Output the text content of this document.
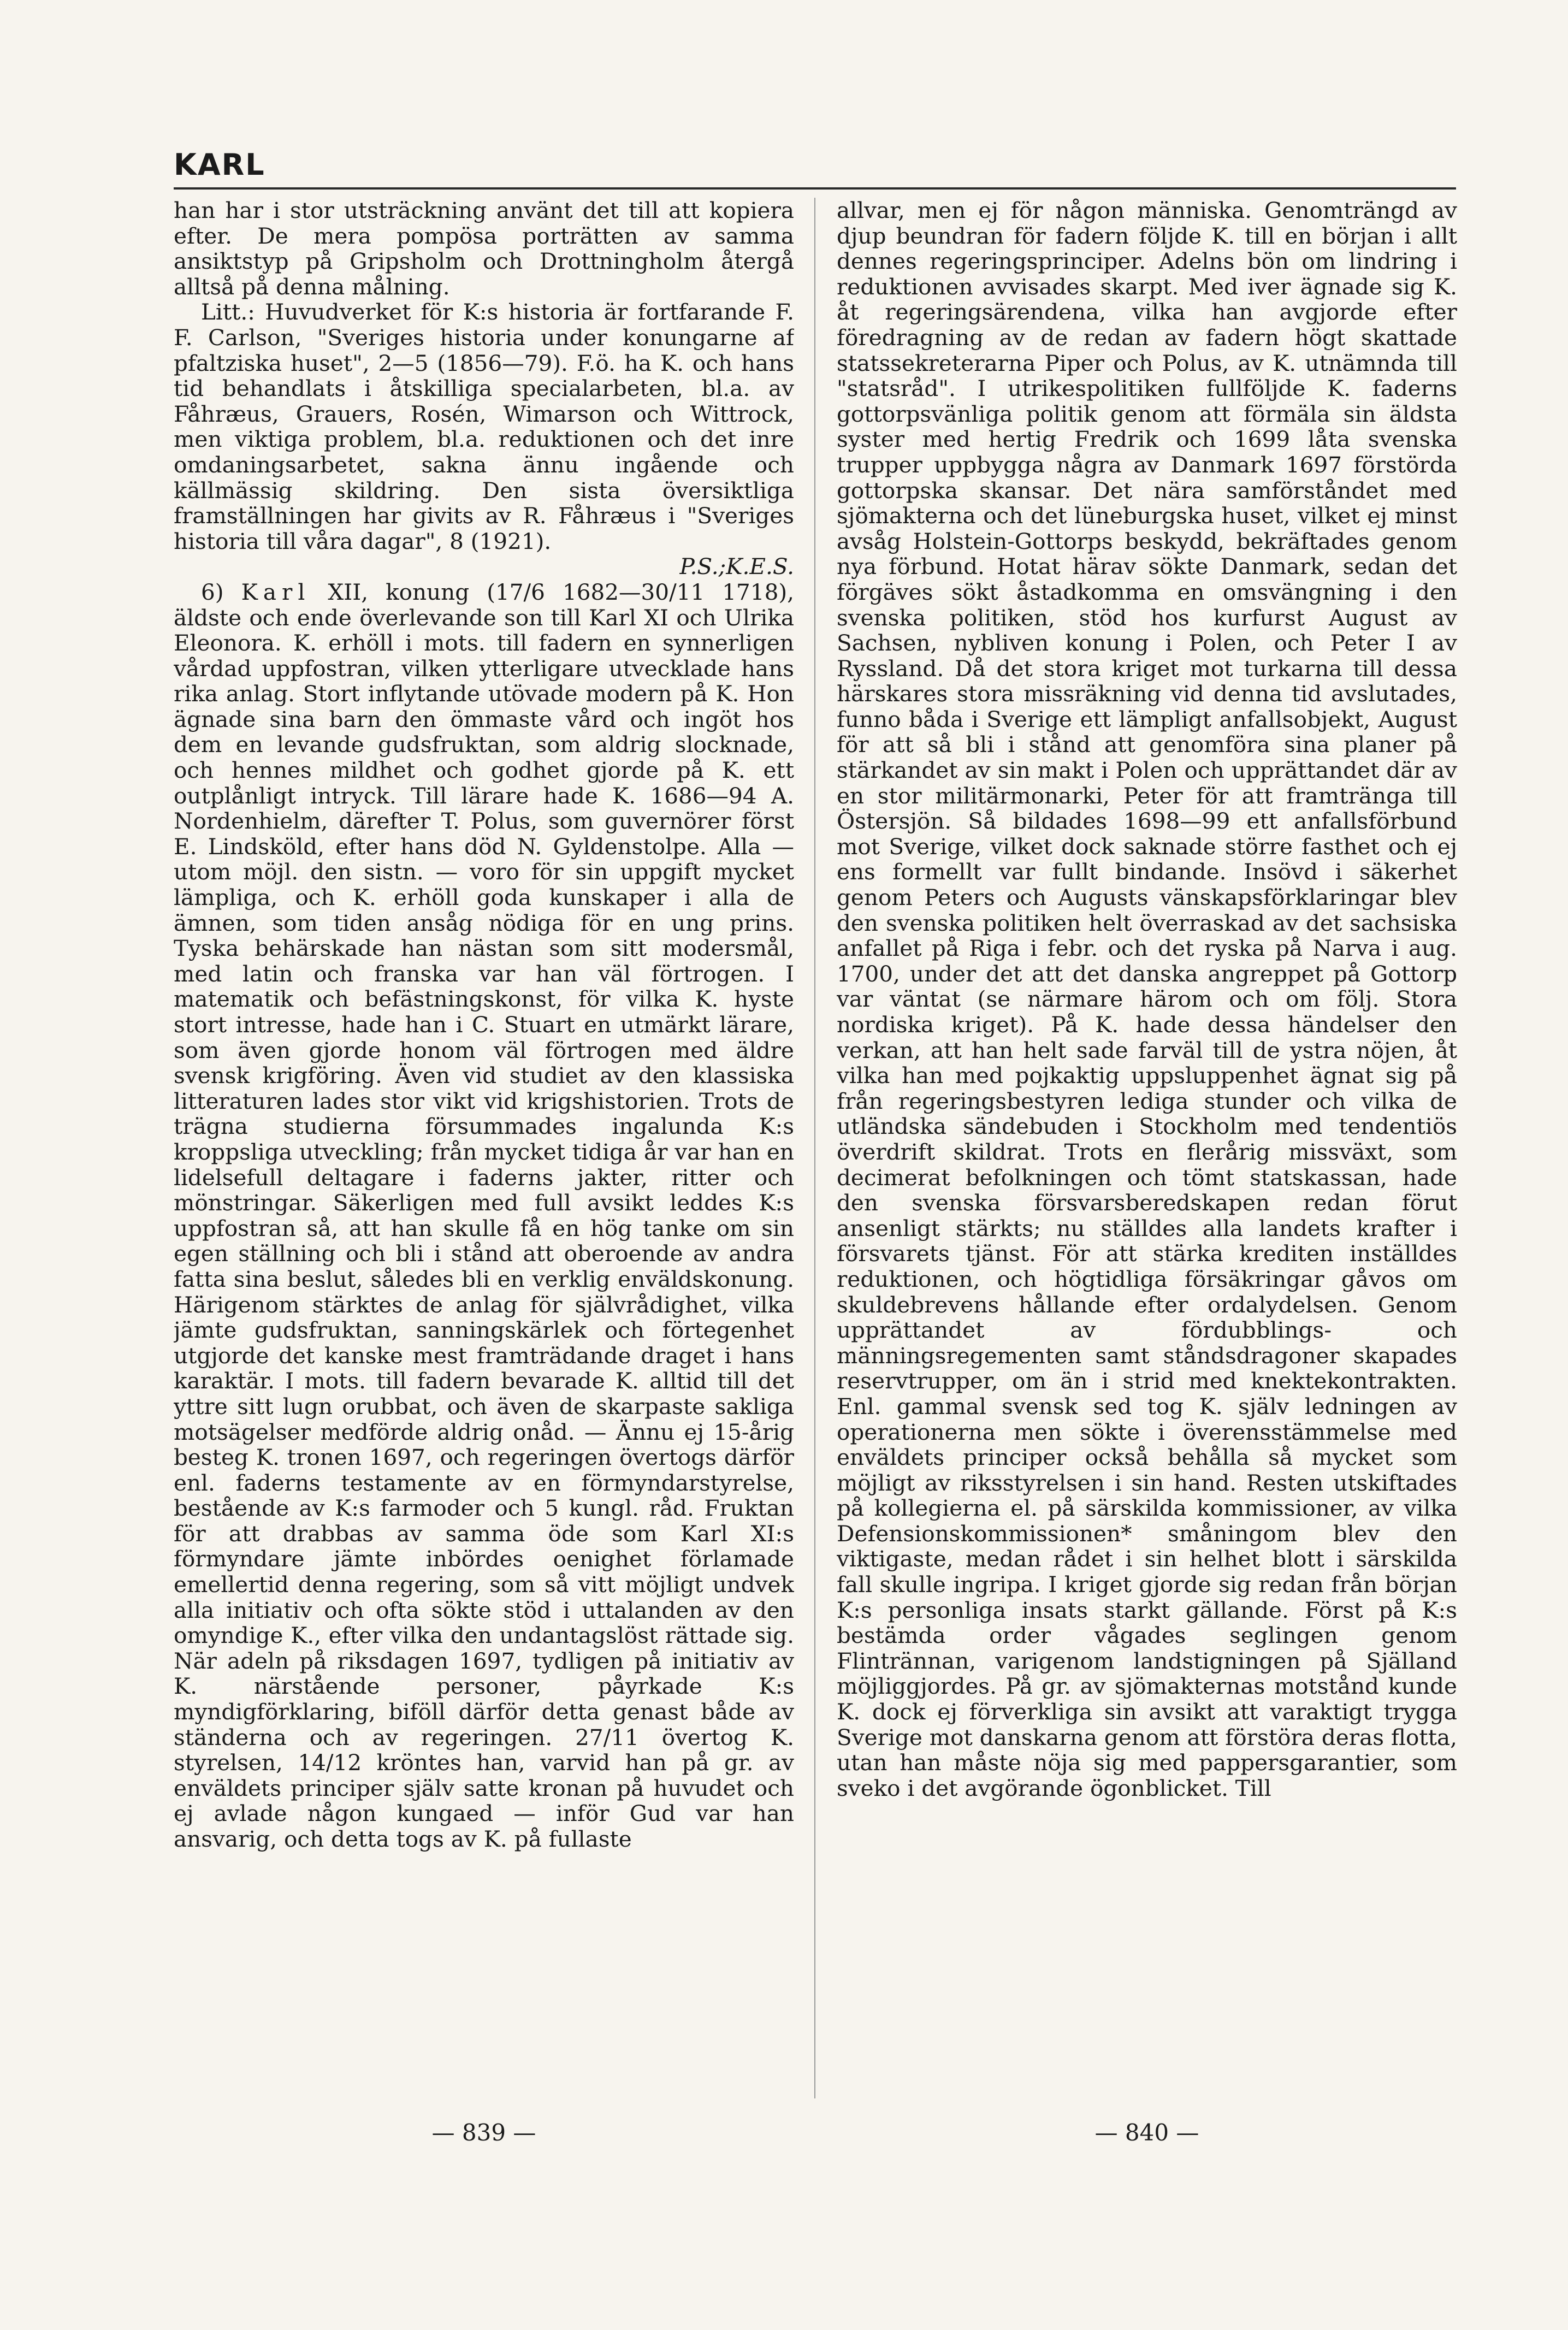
KARL

han har i stor utsträckning använt det till att kopiera efter. De mera pompösa porträtten av samma ansiktstyp på Gripsholm och Drottningholm återgå alltså på denna målning.

Litt.: Huvudverket för K:s historia är fortfarande F. F. Carlson, "Sveriges historia under konungarne af pfaltziska huset", 2—5 (1856—79). F.ö. ha K. och hans tid behandlats i åtskilliga specialarbeten, bl.a. av Fåhræus, Grauers, Rosén, Wimarson och Wittrock, men viktiga problem, bl.a. reduktionen och det inre omdaningsarbetet, sakna ännu ingående och källmässig skildring. Den sista översiktliga framställningen har givits av R. Fåhræus i "Sveriges historia till våra dagar", 8 (1921).
P.S.;K.E.S.

6) Karl XII, konung (17/6 1682—30/11 1718), äldste och ende överlevande son till Karl XI och Ulrika Eleonora. K. erhöll i mots. till fadern en synnerligen vårdad uppfostran, vilken ytterligare utvecklade hans rika anlag. Stort inflytande utövade modern på K. Hon ägnade sina barn den ömmaste vård och ingöt hos dem en levande gudsfruktan, som aldrig slocknade, och hennes mildhet och godhet gjorde på K. ett outplånligt intryck. Till lärare hade K. 1686—94 A. Nordenhielm, därefter T. Polus, som guvernörer först E. Lindsköld, efter hans död N. Gyldenstolpe. Alla — utom möjl. den sistn. — voro för sin uppgift mycket lämpliga, och K. erhöll goda kunskaper i alla de ämnen, som tiden ansåg nödiga för en ung prins. Tyska behärskade han nästan som sitt modersmål, med latin och franska var han väl förtrogen. I matematik och befästningskonst, för vilka K. hyste stort intresse, hade han i C. Stuart en utmärkt lärare, som även gjorde honom väl förtrogen med äldre svensk krigföring. Även vid studiet av den klassiska litteraturen lades stor vikt vid krigshistorien. Trots de trägna studierna försummades ingalunda K:s kroppsliga utveckling; från mycket tidiga år var han en lidelsefull deltagare i faderns jakter, ritter och mönstringar. Säkerligen med full avsikt leddes K:s uppfostran så, att han skulle få en hög tanke om sin egen ställning och bli i stånd att oberoende av andra fatta sina beslut, således bli en verklig enväldskonung. Härigenom stärktes de anlag för självrådighet, vilka jämte gudsfruktan, sanningskärlek och förtegenhet utgjorde det kanske mest framträdande draget i hans karaktär. I mots. till fadern bevarade K. alltid till det yttre sitt lugn orubbat, och även de skarpaste sakliga motsägelser medförde aldrig onåd. — Ännu ej 15-årig besteg K. tronen 1697, och regeringen övertogs därför enl. faderns testamente av en förmyndarstyrelse, bestående av K:s farmoder och 5 kungl. råd. Fruktan för att drabbas av samma öde som Karl XI:s förmyndare jämte inbördes oenighet förlamade emellertid denna regering, som så vitt möjligt undvek alla initiativ och ofta sökte stöd i uttalanden av den omyndige K., efter vilka den undantagslöst rättade sig. När adeln på riksdagen 1697, tydligen på initiativ av K. närstående personer, påyrkade K:s myndigförklaring, biföll därför detta genast både av ständerna och av regeringen. 27/11 övertog K. styrelsen, 14/12 kröntes han, varvid han på gr. av enväldets principer själv satte kronan på huvudet och ej avlade någon kungaed — inför Gud var han ansvarig, och detta togs av K. på fullaste

allvar, men ej för någon människa. Genomträngd av djup beundran för fadern följde K. till en början i allt dennes regeringsprinciper. Adelns bön om lindring i reduktionen avvisades skarpt. Med iver ägnade sig K. åt regeringsärendena, vilka han avgjorde efter föredragning av de redan av fadern högt skattade statssekreterarna Piper och Polus, av K. utnämnda till "statsråd". I utrikespolitiken fullföljde K. faderns gottorpsvänliga politik genom att förmäla sin äldsta syster med hertig Fredrik och 1699 låta svenska trupper uppbygga några av Danmark 1697 förstörda gottorpska skansar. Det nära samförståndet med sjömakterna och det lüneburgska huset, vilket ej minst avsåg Holstein-Gottorps beskydd, bekräftades genom nya förbund. Hotat härav sökte Danmark, sedan det förgäves sökt åstadkomma en omsvängning i den svenska politiken, stöd hos kurfurst August av Sachsen, nybliven konung i Polen, och Peter I av Ryssland. Då det stora kriget mot turkarna till dessa härskares stora missräkning vid denna tid avslutades, funno båda i Sverige ett lämpligt anfallsobjekt, August för att så bli i stånd att genomföra sina planer på stärkandet av sin makt i Polen och upprättandet där av en stor militärmonarki, Peter för att framtränga till Östersjön. Så bildades 1698—99 ett anfallsförbund mot Sverige, vilket dock saknade större fasthet och ej ens formellt var fullt bindande. Insövd i säkerhet genom Peters och Augusts vänskapsförklaringar blev den svenska politiken helt överraskad av det sachsiska anfallet på Riga i febr. och det ryska på Narva i aug. 1700, under det att det danska angreppet på Gottorp var väntat (se närmare härom och om följ. Stora nordiska kriget). På K. hade dessa händelser den verkan, att han helt sade farväl till de ystra nöjen, åt vilka han med pojkaktig uppsluppenhet ägnat sig på från regeringsbestyren lediga stunder och vilka de utländska sändebuden i Stockholm med tendentiös överdrift skildrat. Trots en flerårig missväxt, som decimerat befolkningen och tömt statskassan, hade den svenska försvarsberedskapen redan förut ansenligt stärkts; nu ställdes alla landets krafter i försvarets tjänst. För att stärka krediten inställdes reduktionen, och högtidliga försäkringar gåvos om skuldebrevens hållande efter ordalydelsen. Genom upprättandet av fördubblings- och männingsregementen samt ståndsdragoner skapades reservtrupper, om än i strid med knektekontrakten. Enl. gammal svensk sed tog K. själv ledningen av operationerna men sökte i överensstämmelse med enväldets principer också behålla så mycket som möjligt av riksstyrelsen i sin hand. Resten utskiftades på kollegierna el. på särskilda kommissioner, av vilka Defensionskommissionen* småningom blev den viktigaste, medan rådet i sin helhet blott i särskilda fall skulle ingripa. I kriget gjorde sig redan från början K:s personliga insats starkt gällande. Först på K:s bestämda order vågades seglingen genom Flintrännan, varigenom landstigningen på Själland möjliggjordes. På gr. av sjömakternas motstånd kunde K. dock ej förverkliga sin avsikt att varaktigt trygga Sverige mot danskarna genom att förstöra deras flotta, utan han måste nöja sig med pappersgarantier, som sveko i det avgörande ögonblicket. Till

— 839 —	— 840 —
